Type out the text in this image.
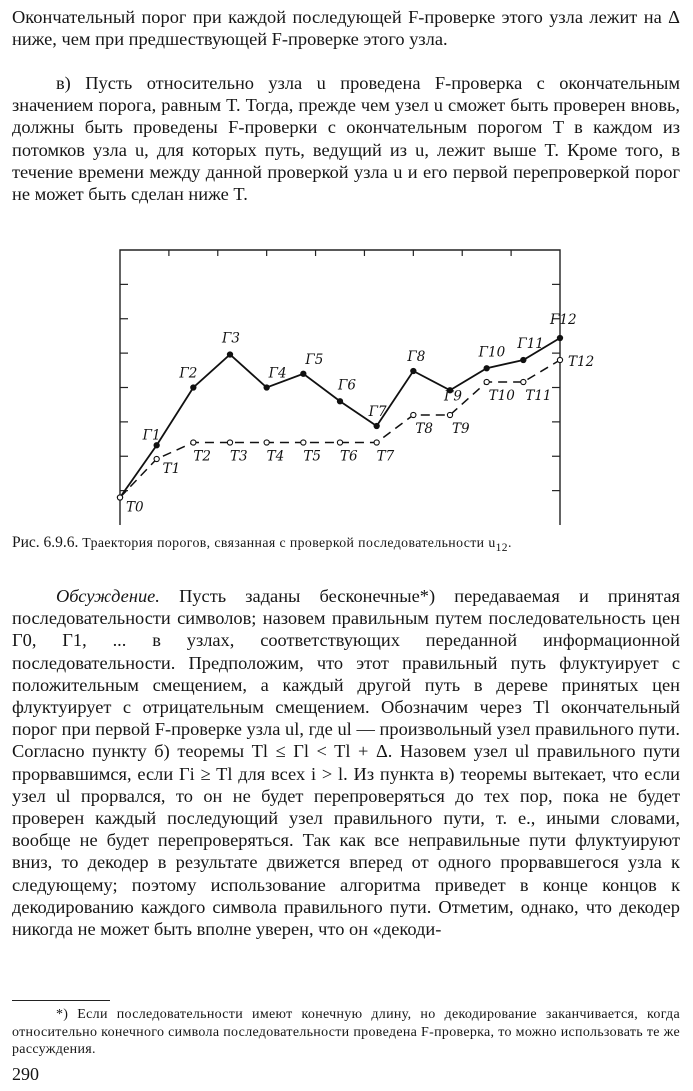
Окончательный порог при каждой последующей F-проверке этого узла лежит на Δ ниже, чем при предшествующей F-проверке этого узла.

в) Пусть относительно узла u проведена F-проверка с окончательным значением порога, равным T. Тогда, прежде чем узел u сможет быть проверен вновь, должны быть проведены F-проверки с окончательным порогом T в каждом из потомков узла u, для которых путь, ведущий из u, лежит выше T. Кроме того, в течение времени между данной проверкой узла u и его первой перепроверкой порог не может быть сделан ниже T.

Γ1
Γ2
Γ3
Γ4
Γ5
Γ6
Γ7
Γ8
Γ9
Γ10
Γ11
Γ12
T0
T1
T2 T3 T4 T5 T6 T7
T8 T9
T10 T11
T12
Рис. 6.9.6. Траектория порогов, связанная с проверкой последовательности $u_{12}$.

Обсуждение. Пусть заданы бесконечные*) передаваемая и принятая последовательности символов; назовем правильным путем последовательность цен Γ0, Γ1, ... в узлах, соответствующих переданной информационной последовательности. Предположим, что этот правильный путь флуктуирует с положительным смещением, а каждый другой путь в дереве принятых цен флуктуирует с отрицательным смещением. Обозначим через Tl окончательный порог при первой F-проверке узла ul, где ul — произвольный узел правильного пути. Согласно пункту б) теоремы Tl ≤ Γl < Tl + Δ. Назовем узел ul правильного пути прорвавшимся, если Γi ≥ Tl для всех i > l. Из пункта в) теоремы вытекает, что если узел ul прорвался, то он не будет перепроверяться до тех пор, пока не будет проверен каждый последующий узел правильного пути, т. е., иными словами, вообще не будет перепроверяться. Так как все неправильные пути флуктуируют вниз, то декодер в результате движется вперед от одного прорвавшегося узла к следующему; поэтому использование алгоритма приведет в конце концов к декодированию каждого символа правильного пути. Отметим, однако, что декодер никогда не может быть вполне уверен, что он «декоди-

*) Если последовательности имеют конечную длину, но декодирование заканчивается, когда относительно конечного символа последовательности проведена F-проверка, то можно использовать те же рассуждения.
290
